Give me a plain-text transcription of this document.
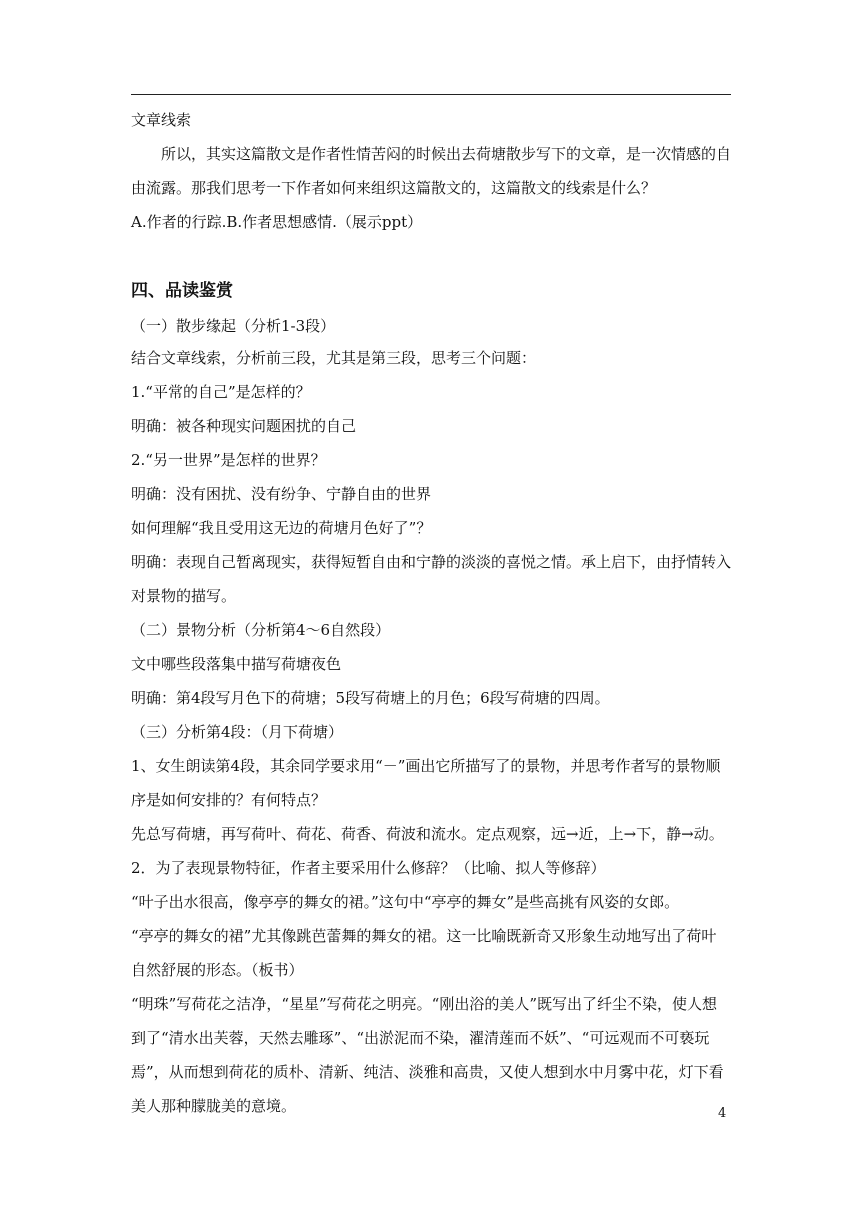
文章线索
所以，其实这篇散文是作者性情苦闷的时候出去荷塘散步写下的文章，是一次情感的自由流露。那我们思考一下作者如何来组织这篇散文的，这篇散文的线索是什么？
A.作者的行踪.B.作者思想感情.（展示ppt）
四、品读鉴赏
（一）散步缘起（分析1-3段）
结合文章线索，分析前三段，尤其是第三段，思考三个问题：
1.“平常的自己”是怎样的？
明确：被各种现实问题困扰的自己
2.“另一世界”是怎样的世界？
明确：没有困扰、没有纷争、宁静自由的世界
如何理解“我且受用这无边的荷塘月色好了”？
明确：表现自己暂离现实，获得短暂自由和宁静的淡淡的喜悦之情。承上启下，由抒情转入对景物的描写。
（二）景物分析（分析第4～6自然段）
文中哪些段落集中描写荷塘夜色
明确：第4段写月色下的荷塘；5段写荷塘上的月色；6段写荷塘的四周。
（三）分析第4段：（月下荷塘）
1、女生朗读第4段，其余同学要求用“－”画出它所描写了的景物，并思考作者写的景物顺序是如何安排的？有何特点？
先总写荷塘，再写荷叶、荷花、荷香、荷波和流水。定点观察，远→近，上→下，静→动。
2．为了表现景物特征，作者主要采用什么修辞？（比喻、拟人等修辞）
“叶子出水很高，像亭亭的舞女的裙。”这句中“亭亭的舞女”是些高挑有风姿的女郎。
“亭亭的舞女的裙”尤其像跳芭蕾舞的舞女的裙。这一比喻既新奇又形象生动地写出了荷叶自然舒展的形态。（板书）
“明珠”写荷花之洁净，“星星”写荷花之明亮。“刚出浴的美人”既写出了纤尘不染，使人想到了“清水出芙蓉，天然去雕琢”、“出淤泥而不染，濯清莲而不妖”、“可远观而不可亵玩焉”，从而想到荷花的质朴、清新、纯洁、淡雅和高贵，又使人想到水中月雾中花，灯下看美人那种朦胧美的意境。	4
